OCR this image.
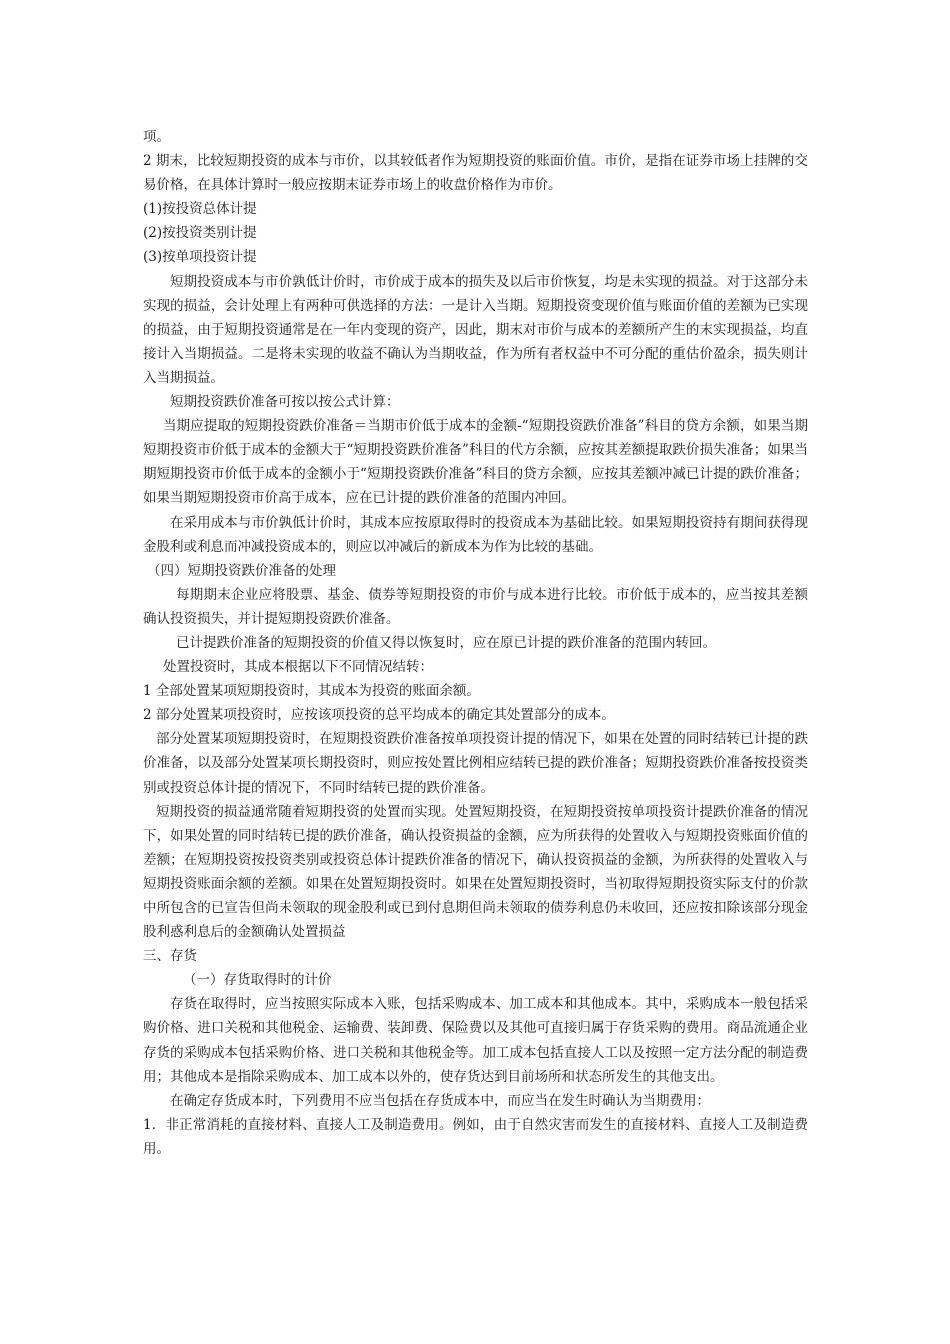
项。

2 期末，比较短期投资的成本与市价，以其较低者作为短期投资的账面价值。市价，是指在证券市场上挂牌的交易价格，在具体计算时一般应按期末证券市场上的收盘价格作为市价。

(1)按投资总体计提

(2)按投资类别计提

(3)按单项投资计提

短期投资成本与市价孰低计价时，市价成于成本的损失及以后市价恢复，均是未实现的损益。对于这部分未实现的损益，会计处理上有两种可供选择的方法：一是计入当期。短期投资变现价值与账面价值的差额为已实现的损益，由于短期投资通常是在一年内变现的资产，因此，期末对市价与成本的差额所产生的末实现损益，均直接计入当期损益。二是将未实现的收益不确认为当期收益，作为所有者权益中不可分配的重估价盈余，损失则计入当期损益。

短期投资跌价准备可按以按公式计算：

当期应提取的短期投资跌价准备＝当期市价低于成本的金额-“短期投资跌价准备”科目的贷方余额，如果当期短期投资市价低于成本的金额大于“短期投资跌价准备”科目的代方余额，应按其差额提取跌价损失准备；如果当期短期投资市价低于成本的金额小于“短期投资跌价准备”科目的贷方余额，应按其差额冲减已计提的跌价准备；如果当期短期投资市价高于成本，应在已计提的跌价准备的范围内冲回。

在采用成本与市价孰低计价时，其成本应按原取得时的投资成本为基础比较。如果短期投资持有期间获得现金股利或利息而冲减投资成本的，则应以冲减后的新成本为作为比较的基础。

（四）短期投资跌价准备的处理

每期期末企业应将股票、基金、债券等短期投资的市价与成本进行比较。市价低于成本的，应当按其差额确认投资损失，并计提短期投资跌价准备。

已计提跌价准备的短期投资的价值又得以恢复时，应在原已计提的跌价准备的范围内转回。

处置投资时，其成本根据以下不同情况结转：

1 全部处置某项短期投资时，其成本为投资的账面余额。

2 部分处置某项投资时，应按该项投资的总平均成本的确定其处置部分的成本。

部分处置某项短期投资时，在短期投资跌价准备按单项投资计提的情况下，如果在处置的同时结转已计提的跌价准备，以及部分处置某项长期投资时，则应按处置比例相应结转已提的跌价准备；短期投资跌价准备按投资类别或投资总体计提的情况下，不同时结转已提的跌价准备。

短期投资的损益通常随着短期投资的处置而实现。处置短期投资，在短期投资按单项投资计提跌价准备的情况下，如果处置的同时结转已提的跌价准备，确认投资损益的金额，应为所获得的处置收入与短期投资账面价值的差额；在短期投资按投资类别或投资总体计提跌价准备的情况下，确认投资损益的金额，为所获得的处置收入与短期投资账面余额的差额。如果在处置短期投资时。如果在处置短期投资时，当初取得短期投资实际支付的价款中所包含的已宣告但尚未领取的现金股利或已到付息期但尚未领取的债券利息仍未收回，还应按扣除该部分现金股利惑利息后的金额确认处置损益

三、存货

（一）存货取得时的计价

存货在取得时，应当按照实际成本入账，包括采购成本、加工成本和其他成本。其中，采购成本一般包括采购价格、进口关税和其他税金、运输费、装卸费、保险费以及其他可直接归属于存货采购的费用。商品流通企业存货的采购成本包括采购价格、进口关税和其他税金等。加工成本包括直接人工以及按照一定方法分配的制造费用；其他成本是指除采购成本、加工成本以外的，使存货达到目前场所和状态所发生的其他支出。

在确定存货成本时，下列费用不应当包括在存货成本中，而应当在发生时确认为当期费用：

1．非正常消耗的直接材料、直接人工及制造费用。例如，由于自然灾害而发生的直接材料、直接人工及制造费用。
